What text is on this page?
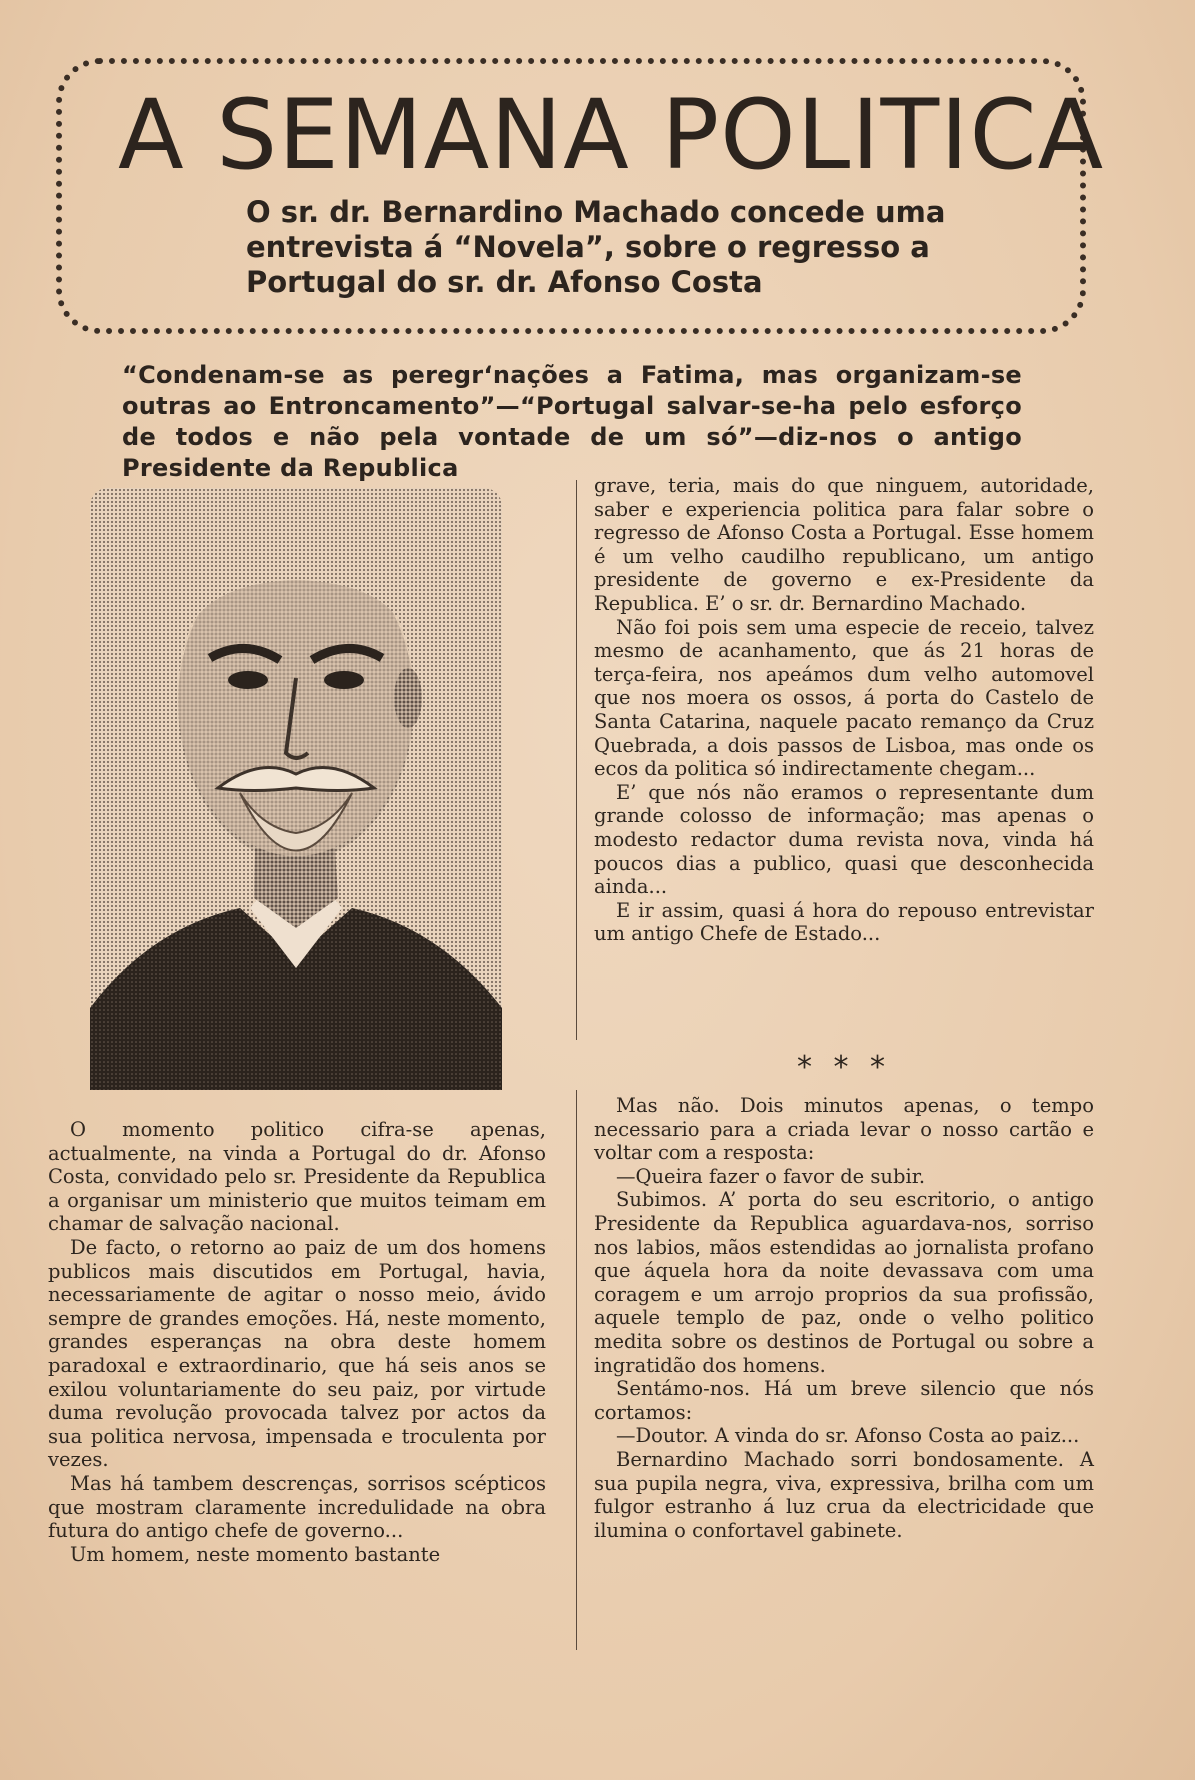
A SEMANA POLITICA

O sr. dr. Bernardino Machado concede uma entrevista á “Novela”, sobre o regresso a Portugal do sr. dr. Afonso Costa

“Condenam-se as peregr‘nações a Fatima, mas organizam-se outras ao Entroncamento”—“Portugal salvar-se-ha pelo esforço de todos e não pela vontade de um só”—diz-nos o antigo Presidente da Republica

O momento politico cifra-se apenas, actualmente, na vinda a Portugal do dr. Afonso Costa, convidado pelo sr. Presidente da Republica a organisar um ministerio que muitos teimam em chamar de salvação nacional.

De facto, o retorno ao paiz de um dos homens publicos mais discutidos em Portugal, havia, necessariamente de agitar o nosso meio, ávido sempre de grandes emoções. Há, neste momento, grandes esperanças na obra deste homem paradoxal e extraordinario, que há seis anos se exilou voluntariamente do seu paiz, por virtude duma revolução provocada talvez por actos da sua politica nervosa, impensada e troculenta por vezes.

Mas há tambem descrenças, sorrisos scépticos que mostram claramente incredulidade na obra futura do antigo chefe de governo...

Um homem, neste momento bastante

grave, teria, mais do que ninguem, autoridade, saber e experiencia politica para falar sobre o regresso de Afonso Costa a Portugal. Esse homem é um velho caudilho republicano, um antigo presidente de governo e ex-Presidente da Republica. E’ o sr. dr. Bernardino Machado.

Não foi pois sem uma especie de receio, talvez mesmo de acanhamento, que ás 21 horas de terça-feira, nos apeámos dum velho automovel que nos moera os ossos, á porta do Castelo de Santa Catarina, naquele pacato remanço da Cruz Quebrada, a dois passos de Lisboa, mas onde os ecos da politica só indirectamente chegam...

E’ que nós não eramos o representante dum grande colosso de informação; mas apenas o modesto redactor duma revista nova, vinda há poucos dias a publico, quasi que desconhecida ainda...

E ir assim, quasi á hora do repouso entrevistar um antigo Chefe de Estado...

* * *

Mas não. Dois minutos apenas, o tempo necessario para a criada levar o nosso cartão e voltar com a resposta:

—Queira fazer o favor de subir.

Subimos. A’ porta do seu escritorio, o antigo Presidente da Republica aguardava-nos, sorriso nos labios, mãos estendidas ao jornalista profano que áquela hora da noite devassava com uma coragem e um arrojo proprios da sua profissão, aquele templo de paz, onde o velho politico medita sobre os destinos de Portugal ou sobre a ingratidão dos homens.

Sentámo-nos. Há um breve silencio que nós cortamos:

—Doutor. A vinda do sr. Afonso Costa ao paiz...

Bernardino Machado sorri bondosamente. A sua pupila negra, viva, expressiva, brilha com um fulgor estranho á luz crua da electricidade que ilumina o confortavel gabinete.
